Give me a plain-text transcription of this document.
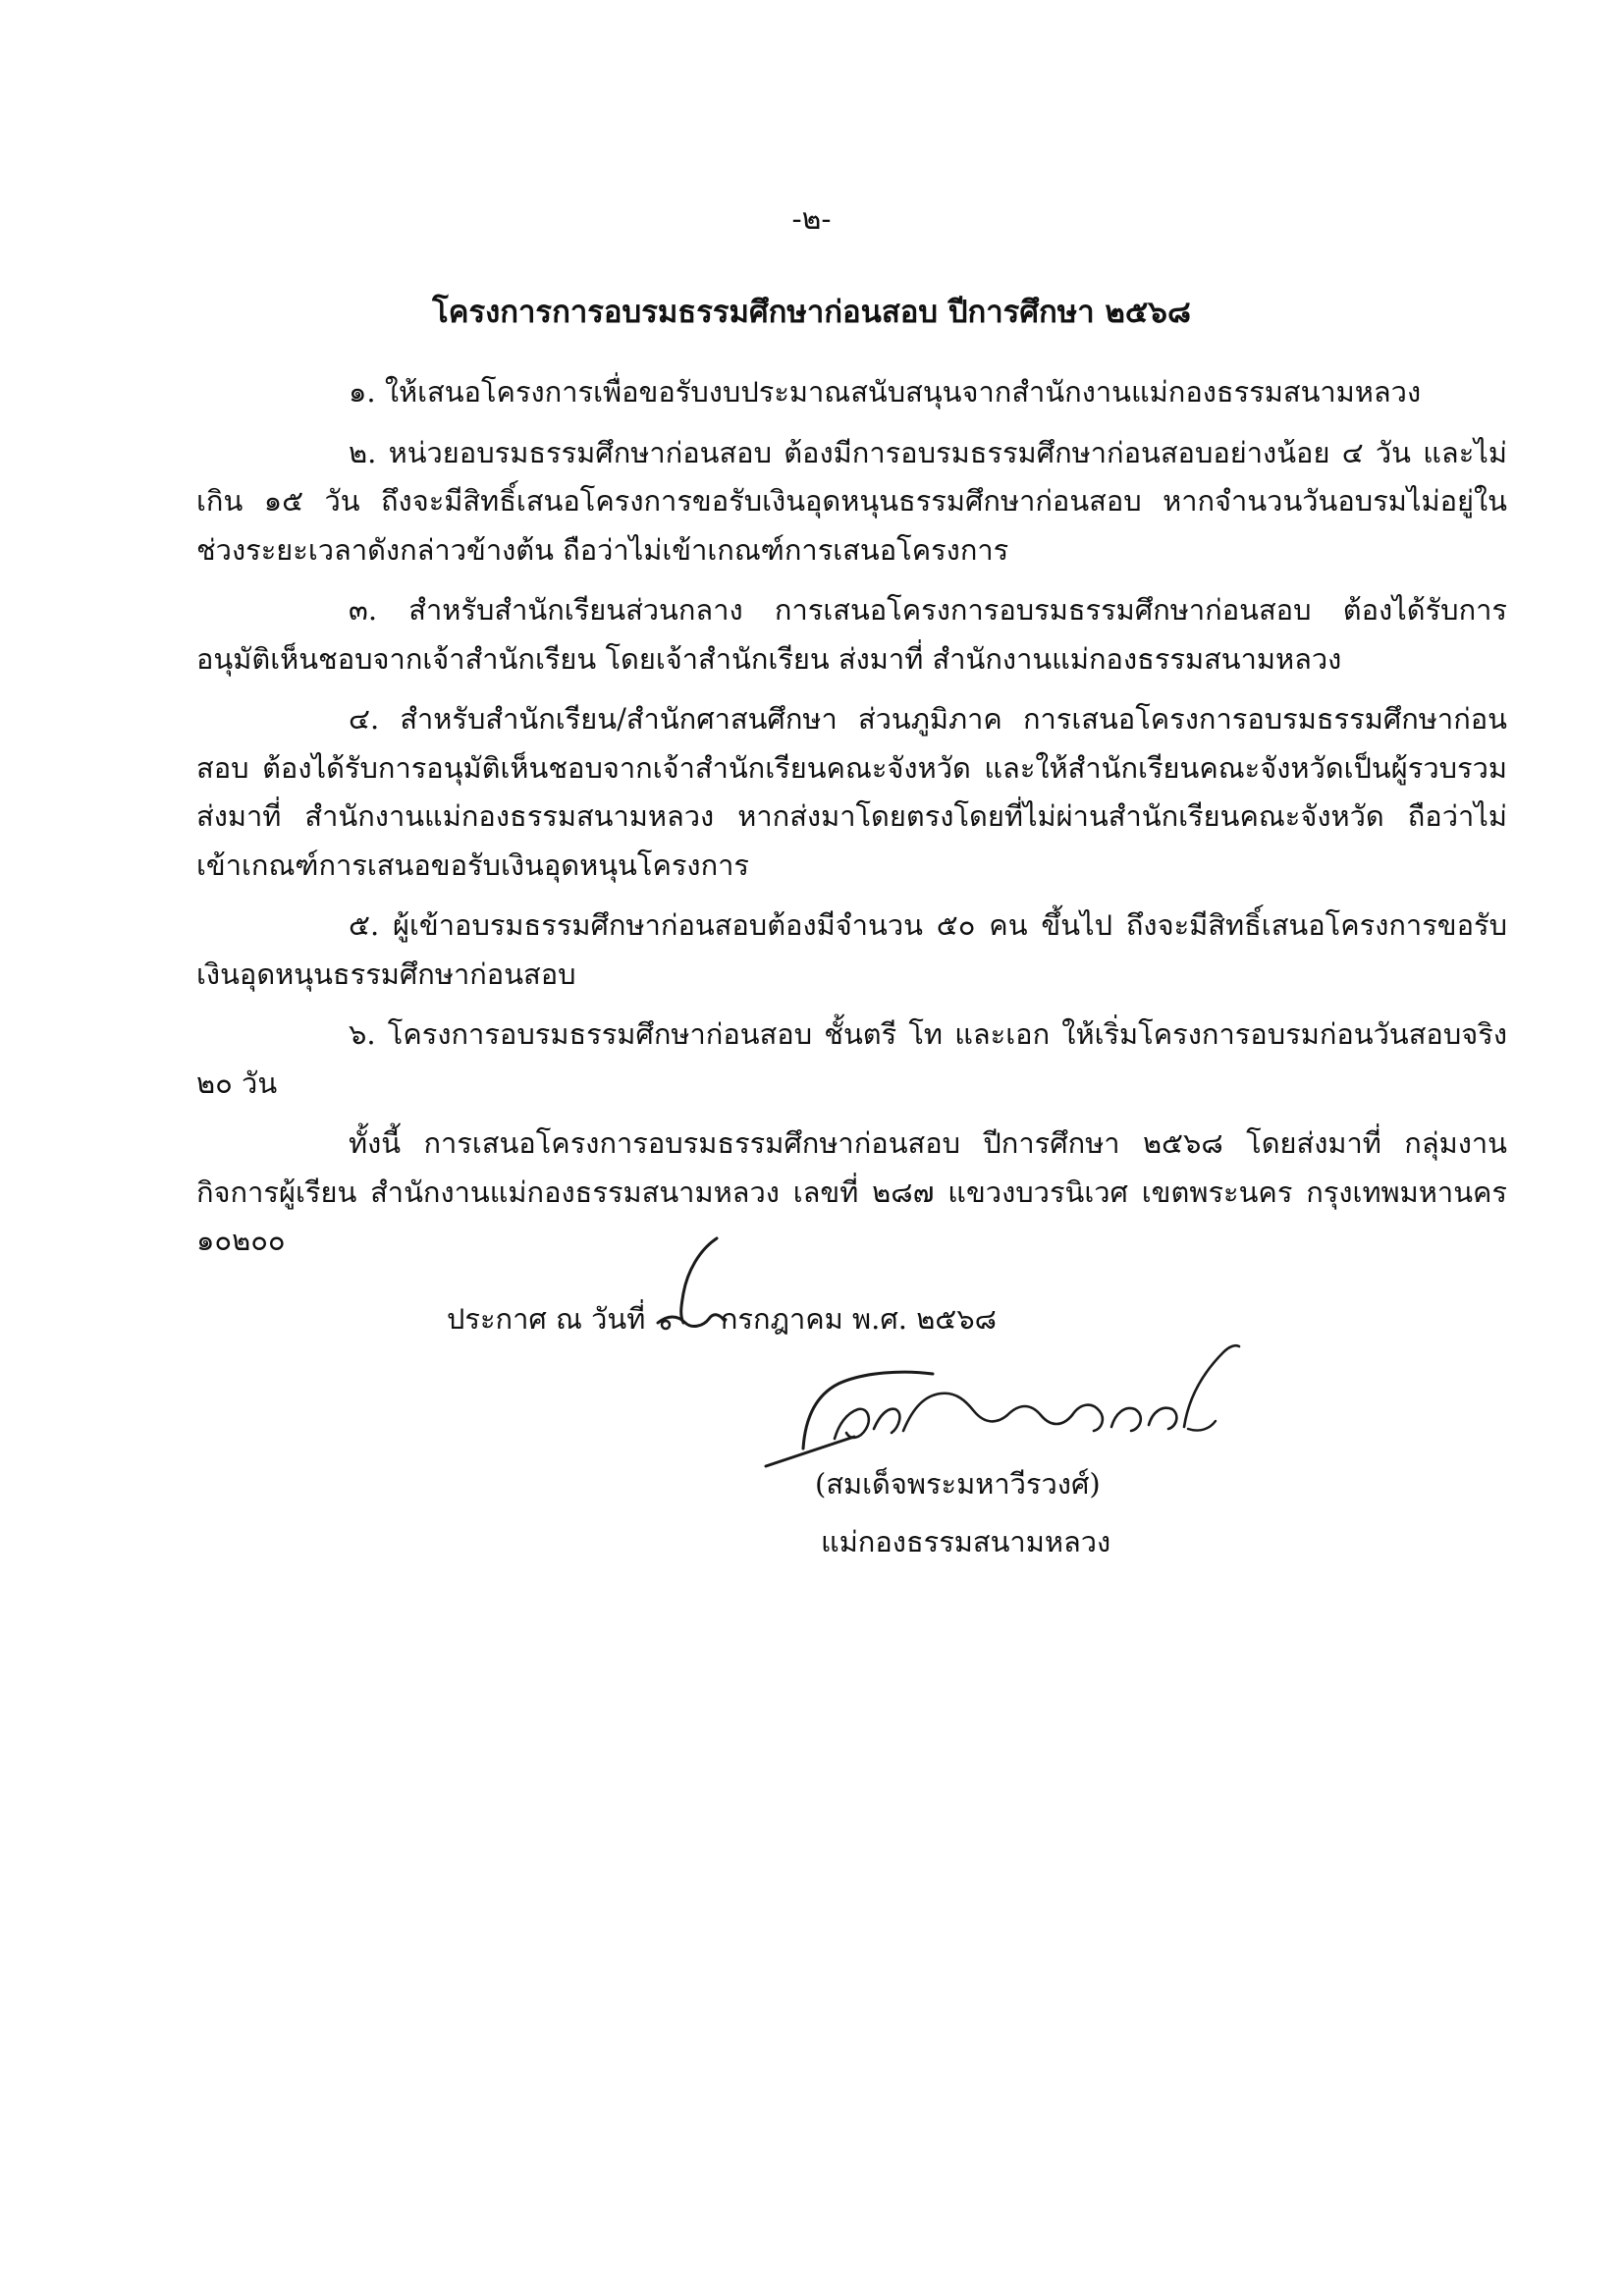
-๒-
โครงการการอบรมธรรมศึกษาก่อนสอบ ปีการศึกษา ๒๕๖๘

๑. ให้เสนอโครงการเพื่อขอรับงบประมาณสนับสนุนจากสำนักงานแม่กองธรรมสนามหลวง

๒. หน่วยอบรมธรรมศึกษาก่อนสอบ ต้องมีการอบรมธรรมศึกษาก่อนสอบอย่างน้อย ๔ วัน และไม่เกิน ๑๕ วัน ถึงจะมีสิทธิ์เสนอโครงการขอรับเงินอุดหนุนธรรมศึกษาก่อนสอบ หากจำนวนวันอบรมไม่อยู่ในช่วงระยะเวลาดังกล่าวข้างต้น ถือว่าไม่เข้าเกณฑ์การเสนอโครงการ

๓. สำหรับสำนักเรียนส่วนกลาง การเสนอโครงการอบรมธรรมศึกษาก่อนสอบ ต้องได้รับการอนุมัติเห็นชอบจากเจ้าสำนักเรียน โดยเจ้าสำนักเรียน ส่งมาที่ สำนักงานแม่กองธรรมสนามหลวง

๔. สำหรับสำนักเรียน/สำนักศาสนศึกษา ส่วนภูมิภาค การเสนอโครงการอบรมธรรมศึกษาก่อนสอบ ต้องได้รับการอนุมัติเห็นชอบจากเจ้าสำนักเรียนคณะจังหวัด และให้สำนักเรียนคณะจังหวัดเป็นผู้รวบรวม ส่งมาที่ สำนักงานแม่กองธรรมสนามหลวง หากส่งมาโดยตรงโดยที่ไม่ผ่านสำนักเรียนคณะจังหวัด ถือว่าไม่เข้าเกณฑ์การเสนอขอรับเงินอุดหนุนโครงการ

๕. ผู้เข้าอบรมธรรมศึกษาก่อนสอบต้องมีจำนวน ๕๐ คน ขึ้นไป ถึงจะมีสิทธิ์เสนอโครงการขอรับเงินอุดหนุนธรรมศึกษาก่อนสอบ

๖. โครงการอบรมธรรมศึกษาก่อนสอบ ชั้นตรี โท และเอก ให้เริ่มโครงการอบรมก่อนวันสอบจริง ๒๐ วัน

ทั้งนี้ การเสนอโครงการอบรมธรรมศึกษาก่อนสอบ ปีการศึกษา ๒๕๖๘ โดยส่งมาที่ กลุ่มงานกิจการผู้เรียน สำนักงานแม่กองธรรมสนามหลวง เลขที่ ๒๘๗ แขวงบวรนิเวศ เขตพระนคร กรุงเทพมหานคร ๑๐๒๐๐

ประกาศ ณ วันที่	กรกฎาคม พ.ศ. ๒๕๖๘
(สมเด็จพระมหาวีรวงศ์)
แม่กองธรรมสนามหลวง
